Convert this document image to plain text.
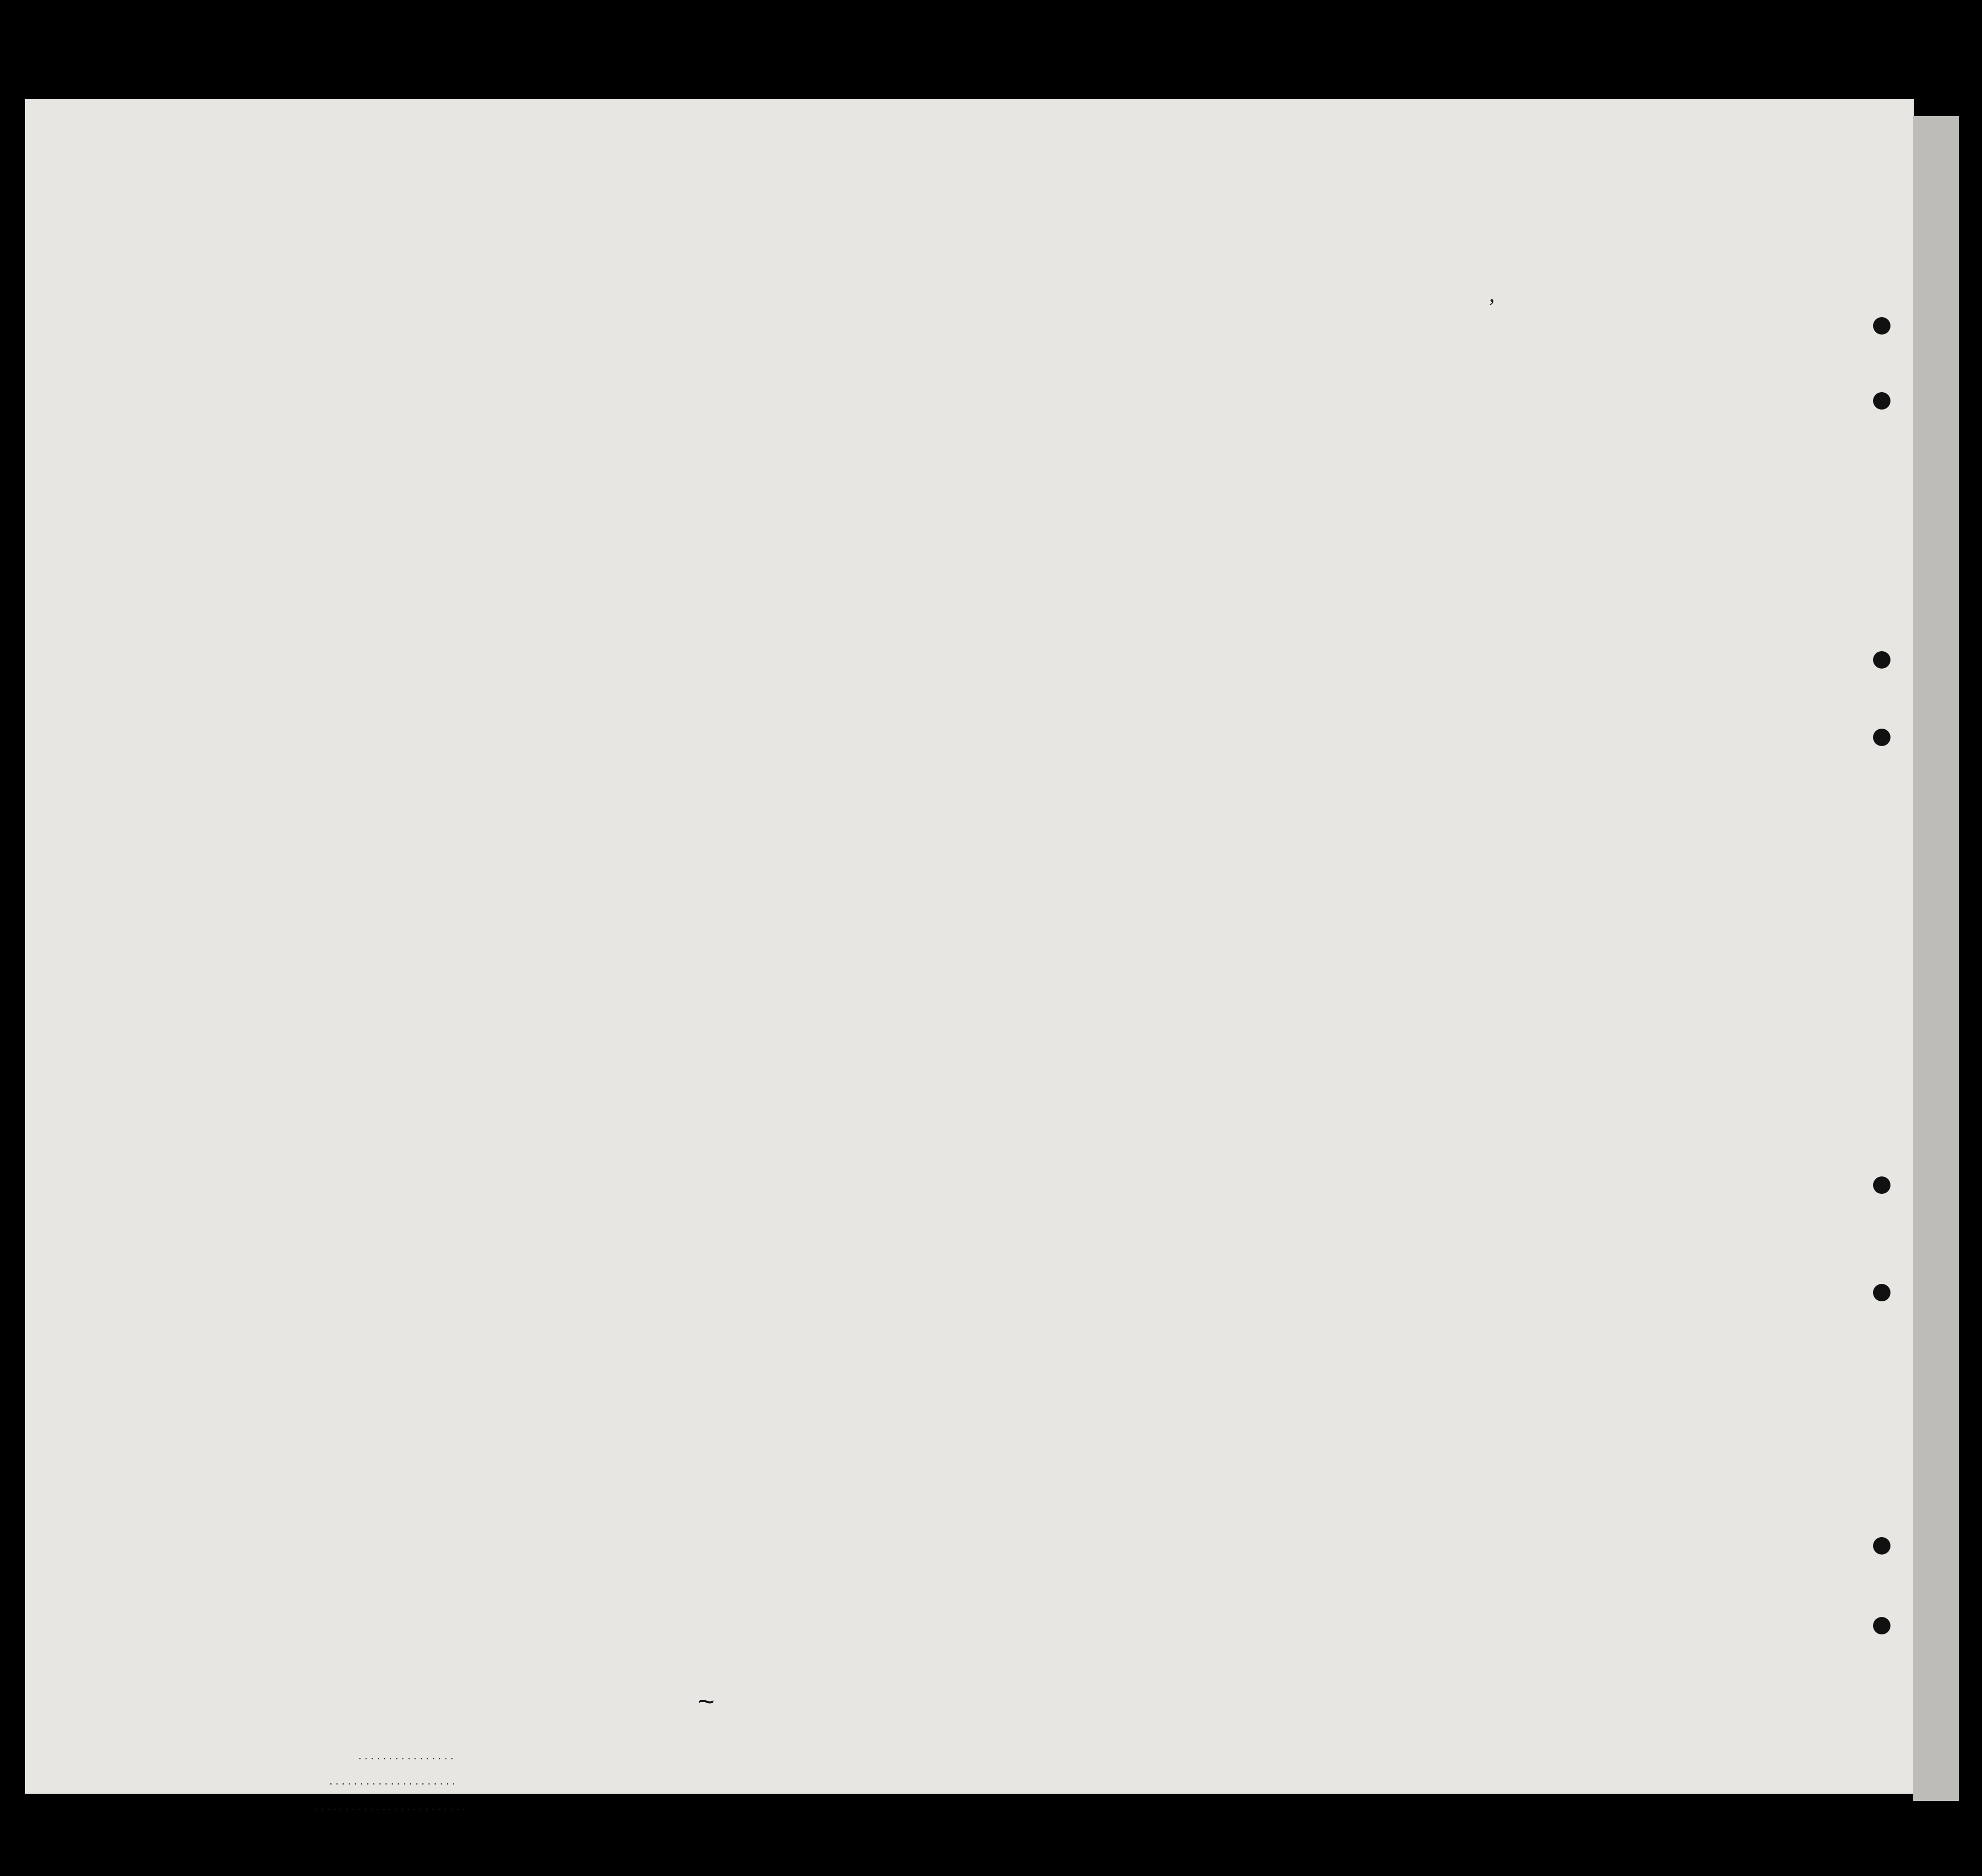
,
~
................
.....................
.........................
